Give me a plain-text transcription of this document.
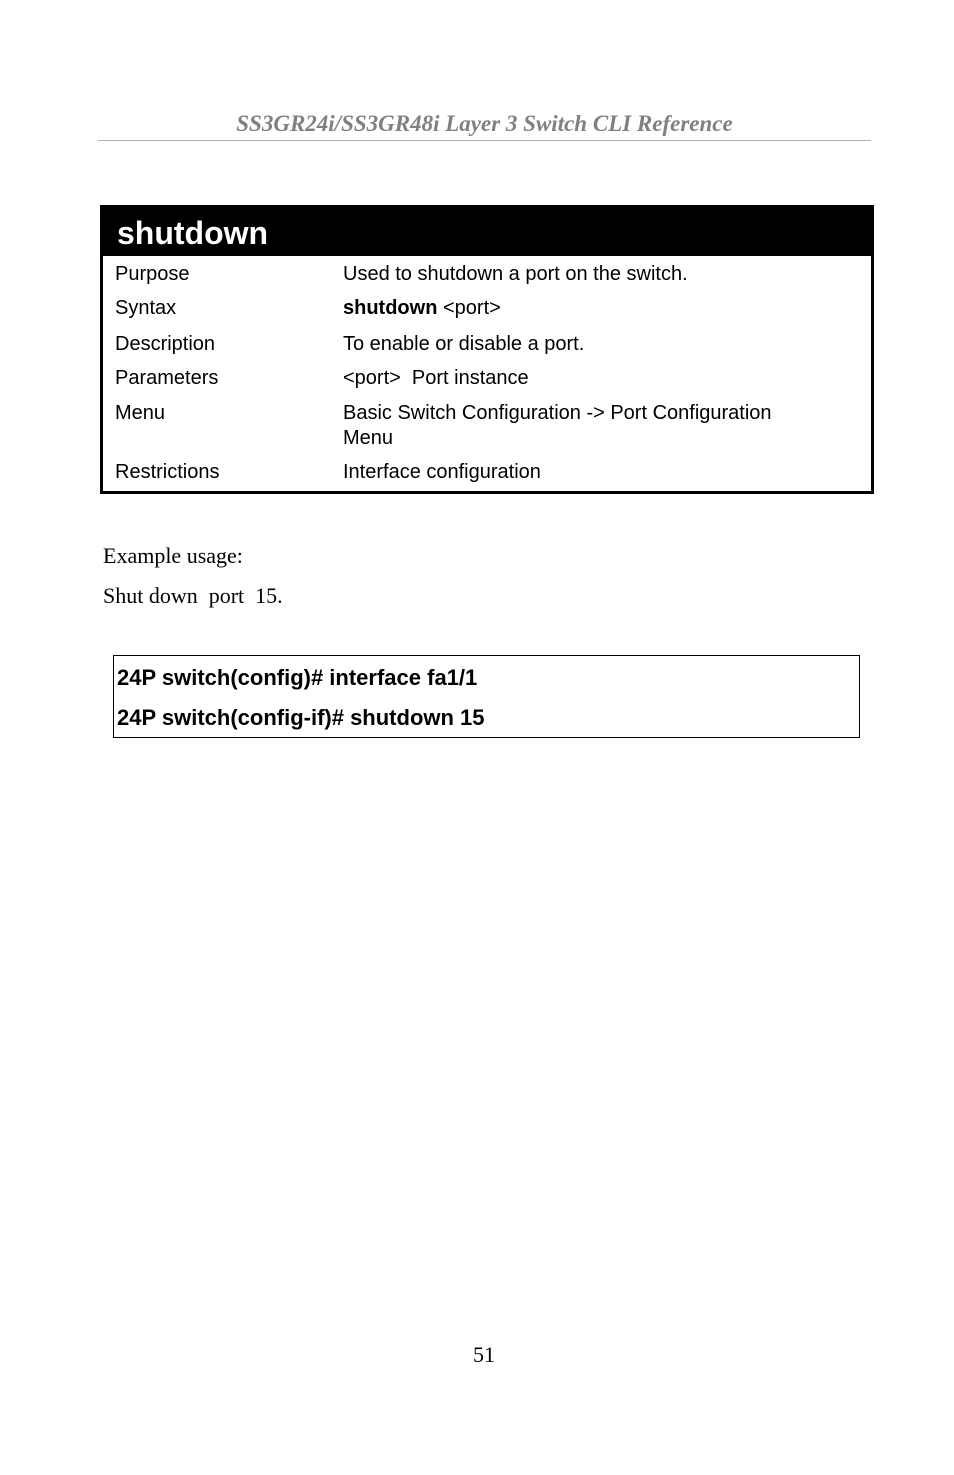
SS3GR24i/SS3GR48i Layer 3 Switch CLI Reference
shutdown
Purpose	Used to shutdown a port on the switch.
Syntax	shutdown <port>
Description	To enable or disable a port.
Parameters	<port>  Port instance
Menu	Basic Switch Configuration -> Port Configuration Menu
Restrictions	Interface configuration
Example usage:
Shut down  port  15.
24P switch(config)# interface fa1/1
24P switch(config-if)# shutdown 15
51
